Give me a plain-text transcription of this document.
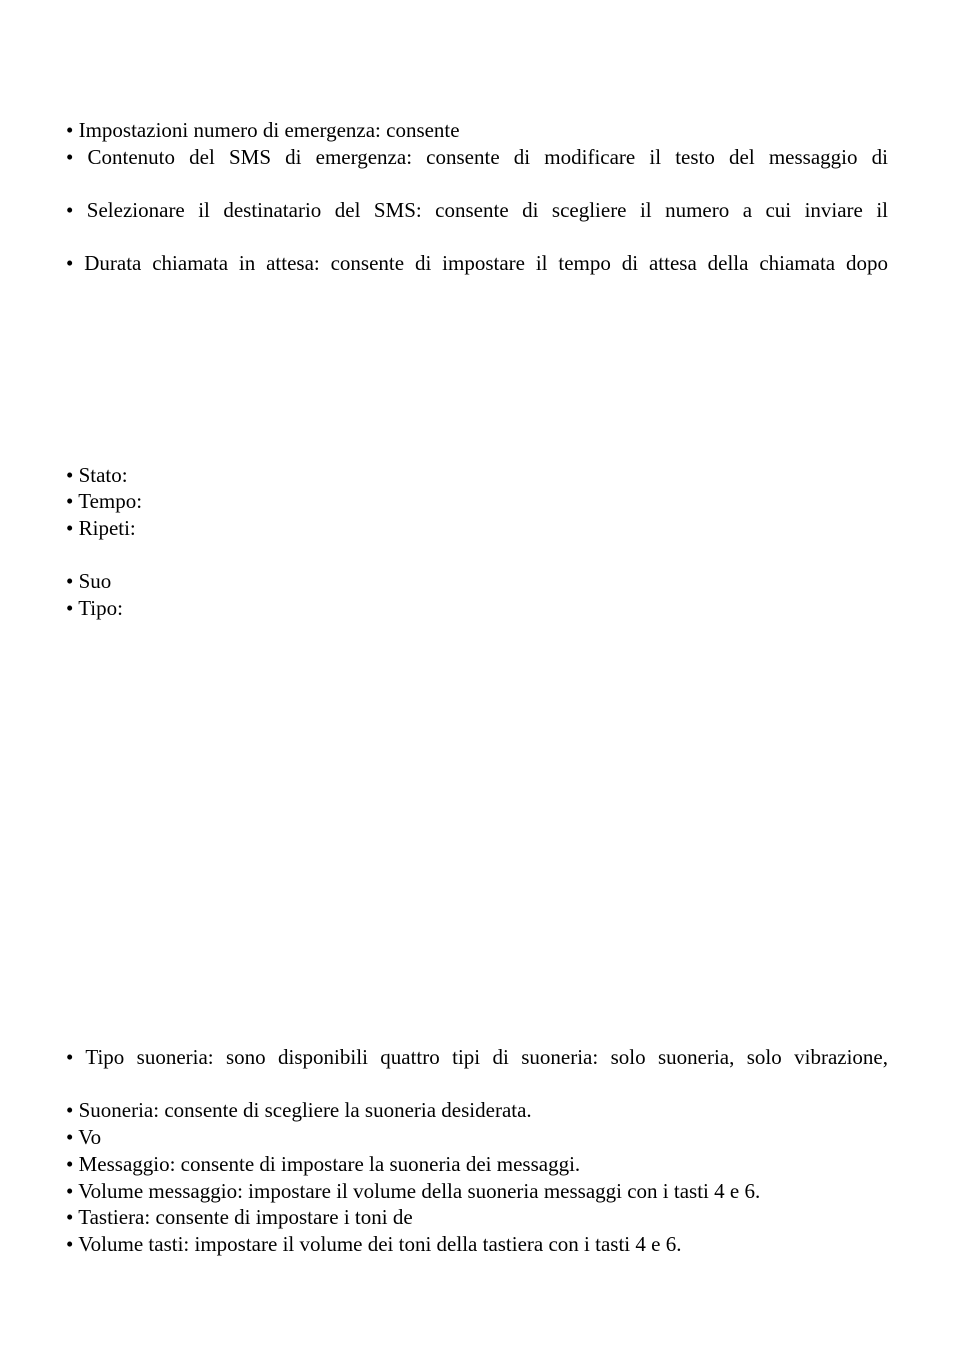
• Impostazioni numero di emergenza: consente
• Contenuto del SMS di emergenza: consente di modificare il testo del messaggio di
• Selezionare il destinatario del SMS: consente di scegliere il numero a cui inviare il
• Durata chiamata in attesa: consente di impostare il tempo di attesa della chiamata dopo
• Stato:
• Tempo:
• Ripeti:
• Suo
• Tipo:
• Tipo suoneria: sono disponibili quattro tipi di suoneria: solo suoneria, solo vibrazione,
• Suoneria: consente di scegliere la suoneria desiderata.
• Vo
• Messaggio: consente di impostare la suoneria dei messaggi.
• Volume messaggio: impostare il volume della suoneria messaggi con i tasti 4 e 6.
• Tastiera: consente di impostare i toni de
• Volume tasti: impostare il volume dei toni della tastiera con i tasti 4 e 6.
